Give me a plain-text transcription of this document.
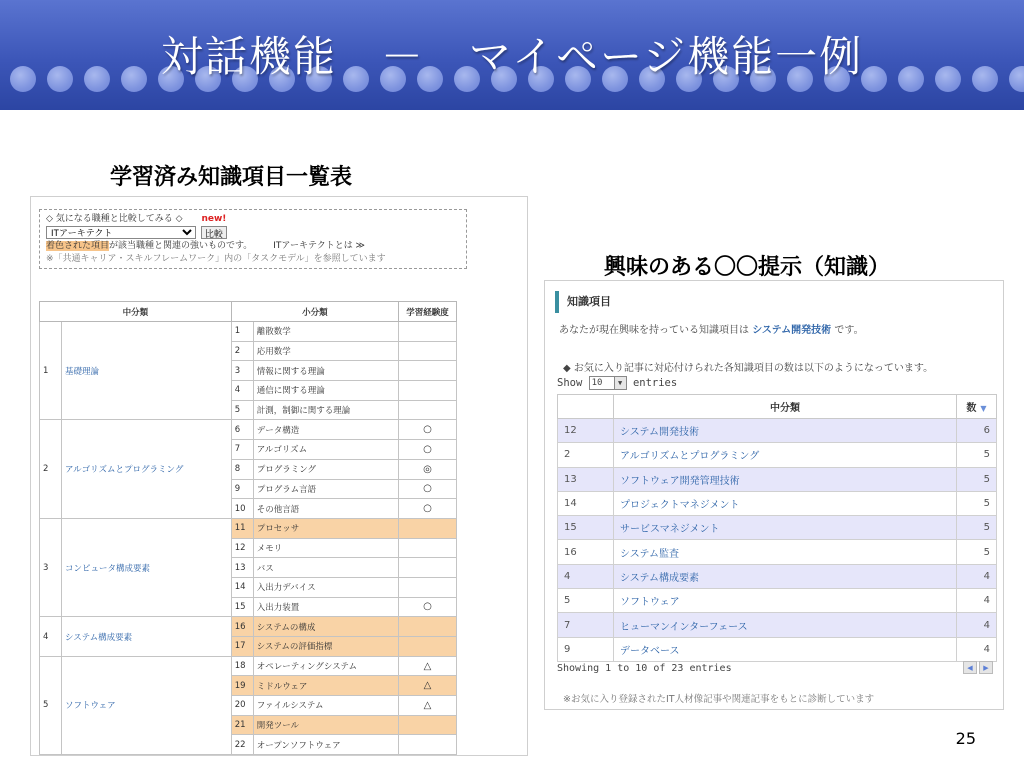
対話機能　－　マイページ機能一例
学習済み知識項目一覧表
興味のある〇〇提示（知識）
◇ 気になる職種と比較してみる ◇ new!
ITアーキテクト 比較
着色された項目が該当職種と関連の強いものです。 ITアーキテクトとは ≫
※「共通キャリア・スキルフレームワーク」内の「タスクモデル」を参照しています
中分類		小分類		学習経験度
1	基礎理論	1	離散数学	
		2	応用数学	
		3	情報に関する理論	
		4	通信に関する理論	
		5	計測，制御に関する理論	
2	アルゴリズムとプログラミング	6	データ構造	○
		7	アルゴリズム	○
		8	プログラミング	◎
		9	プログラム言語	○
		10	その他言語	○
3	コンピュータ構成要素	11	プロセッサ	
		12	メモリ	
		13	バス	
		14	入出力デバイス	
		15	入出力装置	○
4	システム構成要素	16	システムの構成	
		17	システムの評価指標	
5	ソフトウェア	18	オペレーティングシステム	△
		19	ミドルウェア	△
		20	ファイルシステム	△
		21	開発ツール	
		22	オープンソフトウェア	
知識項目
あなたが現在興味を持っている知識項目は システム開発技術 です。
◆ お気に入り記事に対応付けられた各知識項目の数は以下のようになっています。
Show 10	▼	entries
	中分類	数 ▼
12	システム開発技術	6
2	アルゴリズムとプログラミング	5
13	ソフトウェア開発管理技術	5
14	プロジェクトマネジメント	5
15	サービスマネジメント	5
16	システム監査	5
4	システム構成要素	4
5	ソフトウェア	4
7	ヒューマンインターフェース	4
9	データベース	4
Showing 1 to 10 of 23 entries	◀ ▶
※お気に入り登録されたIT人材像記事や関連記事をもとに診断しています
25
